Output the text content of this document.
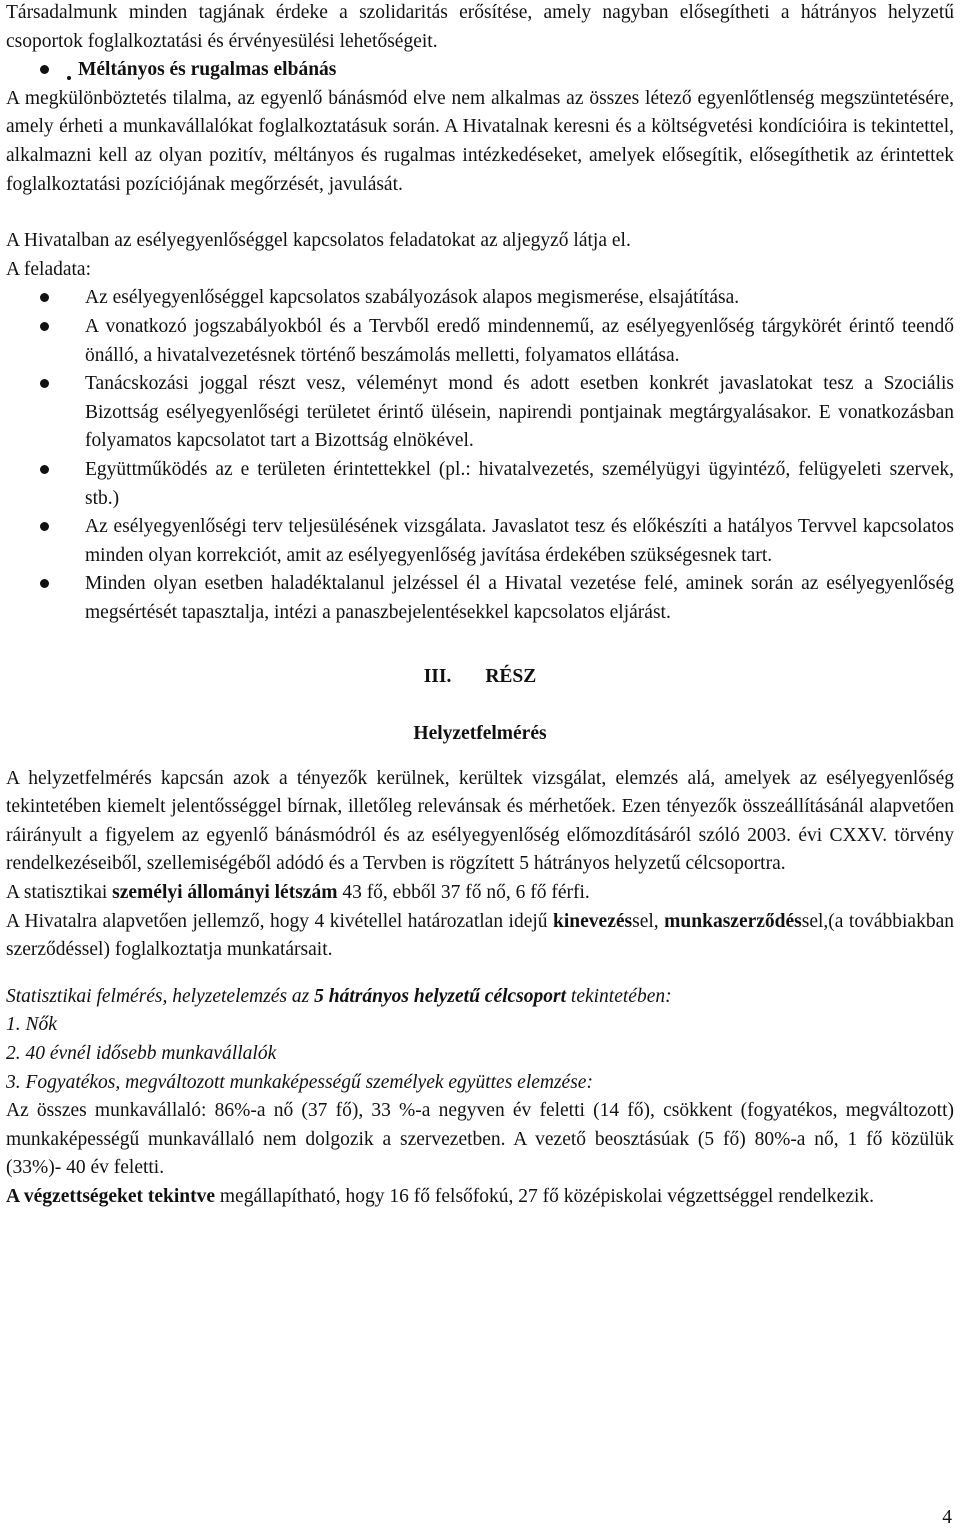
Társadalmunk minden tagjának érdeke a szolidaritás erősítése, amely nagyban elősegítheti a hátrányos helyzetű csoportok foglalkoztatási és érvényesülési lehetőségeit.

Méltányos és rugalmas elbánás

A megkülönböztetés tilalma, az egyenlő bánásmód elve nem alkalmas az összes létező egyenlőtlenség megszüntetésére, amely érheti a munkavállalókat foglalkoztatásuk során. A Hivatalnak keresni és a költségvetési kondícióira is tekintettel, alkalmazni kell az olyan pozitív, méltányos és rugalmas intézkedéseket, amelyek elősegítik, elősegíthetik az érintettek foglalkoztatási pozíciójának megőrzését, javulását.

A Hivatalban az esélyegyenlőséggel kapcsolatos feladatokat az aljegyző látja el.

A feladata:

Az esélyegyenlőséggel kapcsolatos szabályozások alapos megismerése, elsajátítása.
A vonatkozó jogszabályokból és a Tervből eredő mindennemű, az esélyegyenlőség tárgykörét érintő teendő önálló, a hivatalvezetésnek történő beszámolás melletti, folyamatos ellátása.
Tanácskozási joggal részt vesz, véleményt mond és adott esetben konkrét javaslatokat tesz a Szociális Bizottság esélyegyenlőségi területet érintő ülésein, napirendi pontjainak megtárgyalásakor. E vonatkozásban folyamatos kapcsolatot tart a Bizottság elnökével.
Együttműködés az e területen érintettekkel (pl.: hivatalvezetés, személyügyi ügyintéző, felügyeleti szervek, stb.)
Az esélyegyenlőségi terv teljesülésének vizsgálata. Javaslatot tesz és előkészíti a hatályos Tervvel kapcsolatos minden olyan korrekciót, amit az esélyegyenlőség javítása érdekében szükségesnek tart.
Minden olyan esetben haladéktalanul jelzéssel él a Hivatal vezetése felé, aminek során az esélyegyenlőség megsértését tapasztalja, intézi a panaszbejelentésekkel kapcsolatos eljárást.
III. RÉSZ
Helyzetfelmérés

A helyzetfelmérés kapcsán azok a tényezők kerülnek, kerültek vizsgálat, elemzés alá, amelyek az esélyegyenlőség tekintetében kiemelt jelentősséggel bírnak, illetőleg relevánsak és mérhetőek. Ezen tényezők összeállításánál alapvetően ráirányult a figyelem az egyenlő bánásmódról és az esélyegyenlőség előmozdításáról szóló 2003. évi CXXV. törvény rendelkezéseiből, szellemiségéből adódó és a Tervben is rögzített 5 hátrányos helyzetű célcsoportra.

A statisztikai személyi állományi létszám 43 fő, ebből 37 fő nő, 6 fő férfi.

A Hivatalra alapvetően jellemző, hogy 4 kivétellel határozatlan idejű kinevezéssel, munkaszerződéssel,(a továbbiakban szerződéssel) foglalkoztatja munkatársait.

Statisztikai felmérés, helyzetelemzés az 5 hátrányos helyzetű célcsoport tekintetében:

1. Nők

2. 40 évnél idősebb munkavállalók

3. Fogyatékos, megváltozott munkaképességű személyek együttes elemzése:

Az összes munkavállaló: 86%-a nő (37 fő), 33 %-a negyven év feletti (14 fő), csökkent (fogyatékos, megváltozott) munkaképességű munkavállaló nem dolgozik a szervezetben. A vezető beosztásúak (5 fő) 80%-a nő, 1 fő közülük (33%)- 40 év feletti.

A végzettségeket tekintve megállapítható, hogy 16 fő felsőfokú, 27 fő középiskolai végzettséggel rendelkezik.

4
